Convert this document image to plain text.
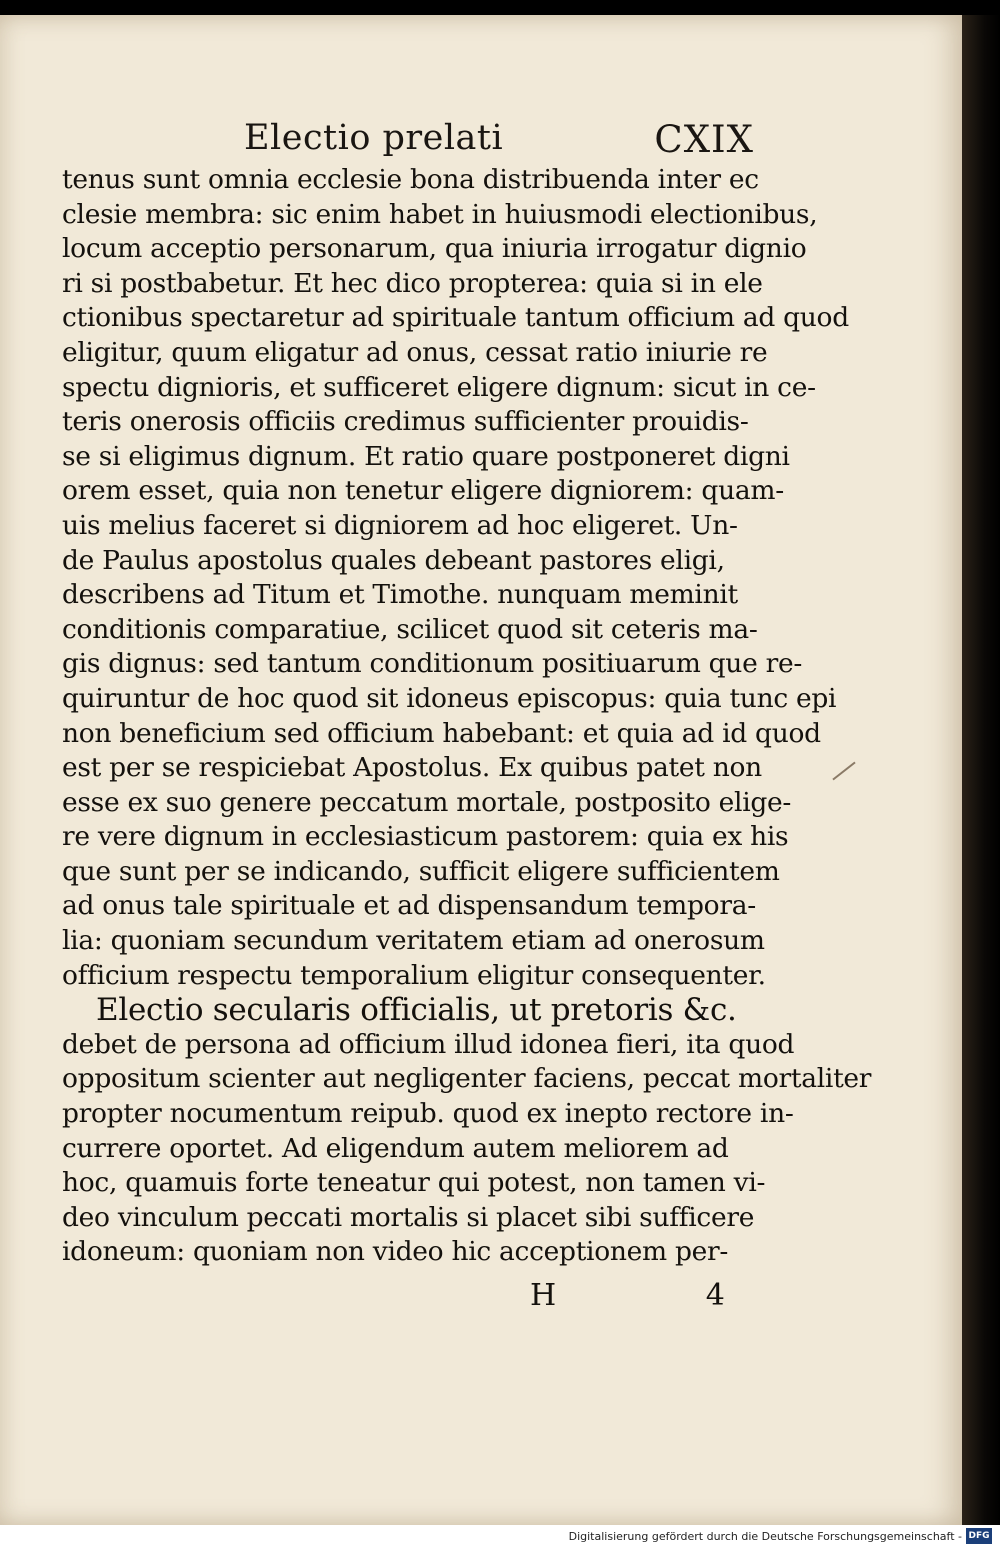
Electio prelati	CXIX
tenus sunt omnia ecclesie bona distribuenda inter ec
clesie membra: sic enim habet in huiusmodi electionibus,
locum acceptio personarum, qua iniuria irrogatur dignio
ri si postbabetur. Et hec dico propterea: quia si in ele
ctionibus spectaretur ad spirituale tantum officium ad quod
eligitur, quum eligatur ad onus, cessat ratio iniurie re
spectu dignioris, et sufficeret eligere dignum: sicut in ce-
teris onerosis officiis credimus sufficienter prouidis-
se si eligimus dignum. Et ratio quare postponeret digni
orem esset, quia non tenetur eligere digniorem: quam-
uis melius faceret si digniorem ad hoc eligeret. Un-
de Paulus apostolus quales debeant pastores eligi,
describens ad Titum et Timothe. nunquam meminit
conditionis comparatiue, scilicet quod sit ceteris ma-
gis dignus: sed tantum conditionum positiuarum que re-
quiruntur de hoc quod sit idoneus episcopus: quia tunc epi
non beneficium sed officium habebant: et quia ad id quod
est per se respiciebat Apostolus. Ex quibus patet non
esse ex suo genere peccatum mortale, postposito elige-
re vere dignum in ecclesiasticum pastorem: quia ex his
que sunt per se indicando, sufficit eligere sufficientem
ad onus tale spirituale et ad dispensandum tempora-
lia: quoniam secundum veritatem etiam ad onerosum
officium respectu temporalium eligitur consequenter.
Electio secularis officialis, ut pretoris &c.
debet de persona ad officium illud idonea fieri, ita quod
oppositum scienter aut negligenter faciens, peccat mortaliter
propter nocumentum reipub. quod ex inepto rectore in-
currere oportet. Ad eligendum autem meliorem ad
hoc, quamuis forte teneatur qui potest, non tamen vi-
deo vinculum peccati mortalis si placet sibi sufficere
idoneum: quoniam non video hic acceptionem per-
H 4
Digitalisierung gefördert durch die Deutsche Forschungsgemeinschaft - DFG
